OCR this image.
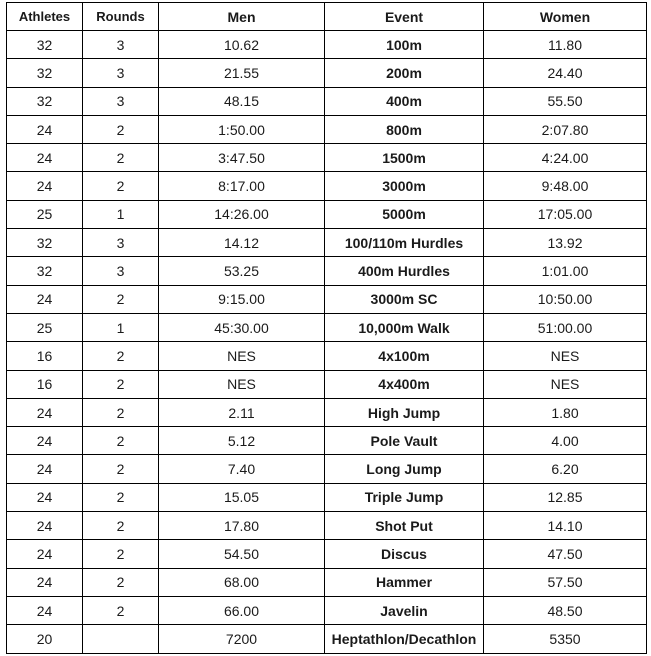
Athletes	Rounds	Men	Event	Women
32	3	10.62	100m	11.80
32	3	21.55	200m	24.40
32	3	48.15	400m	55.50
24	2	1:50.00	800m	2:07.80
24	2	3:47.50	1500m	4:24.00
24	2	8:17.00	3000m	9:48.00
25	1	14:26.00	5000m	17:05.00
32	3	14.12	100/110m Hurdles	13.92
32	3	53.25	400m Hurdles	1:01.00
24	2	9:15.00	3000m SC	10:50.00
25	1	45:30.00	10,000m Walk	51:00.00
16	2	NES	4x100m	NES
16	2	NES	4x400m	NES
24	2	2.11	High Jump	1.80
24	2	5.12	Pole Vault	4.00
24	2	7.40	Long Jump	6.20
24	2	15.05	Triple Jump	12.85
24	2	17.80	Shot Put	14.10
24	2	54.50	Discus	47.50
24	2	68.00	Hammer	57.50
24	2	66.00	Javelin	48.50
20		7200	Heptathlon/Decathlon	5350
